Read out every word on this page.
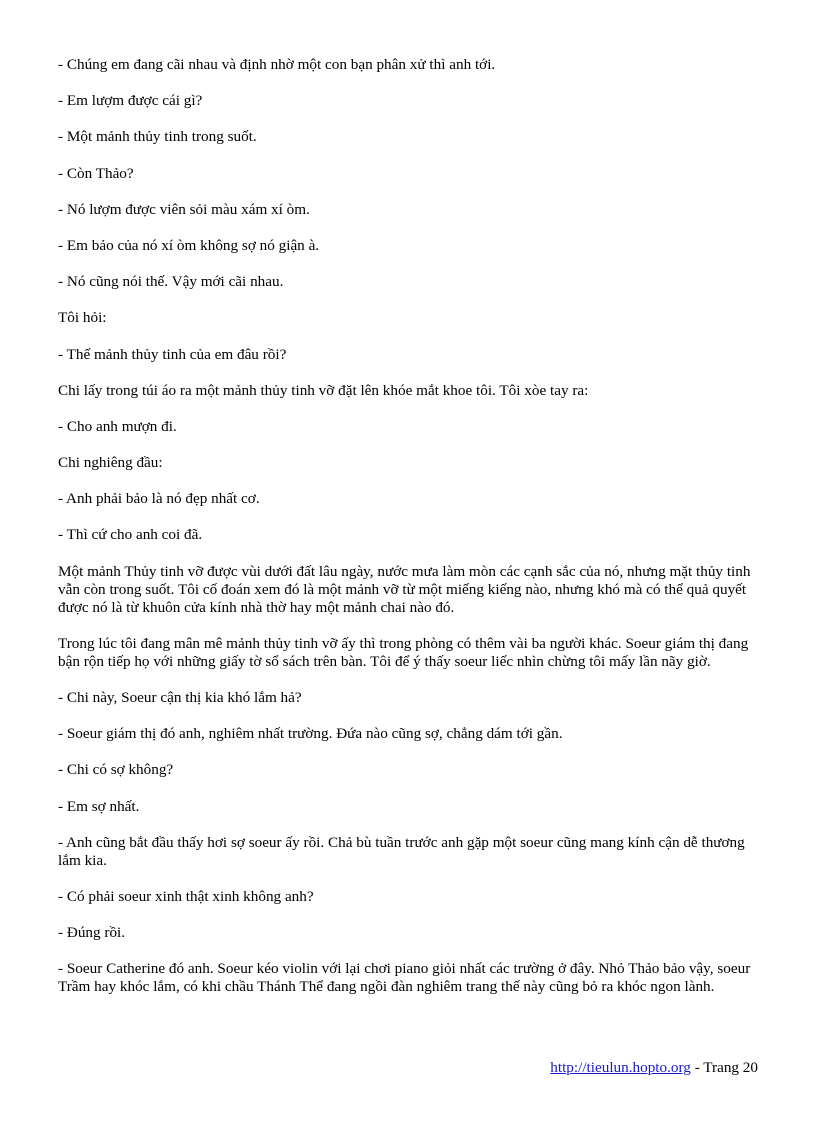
- Chúng em đang cãi nhau và định nhờ một con bạn phân xử thì anh tới.

- Em lượm được cái gì?

- Một mảnh thủy tinh trong suốt.

- Còn Thảo?

- Nó lượm được viên sỏi màu xám xí òm.

- Em bảo của nó xí òm không sợ nó giận à.

- Nó cũng nói thế. Vậy mới cãi nhau.

Tôi hỏi:

- Thế mảnh thủy tinh của em đâu rồi?

Chi lấy trong túi áo ra một mảnh thủy tinh vỡ đặt lên khóe mắt khoe tôi. Tôi xòe tay ra:

- Cho anh mượn đi.

Chi nghiêng đầu:

- Anh phải bảo là nó đẹp nhất cơ.

- Thì cứ cho anh coi đã.

Một mảnh Thủy tinh vỡ được vùi dưới đất lâu ngày, nước mưa làm mòn các cạnh sắc của nó, nhưng mặt thủy tinh vẫn còn trong suốt. Tôi cố đoán xem đó là một mảnh vỡ từ một miếng kiếng nào, nhưng khó mà có thể quả quyết được nó là từ khuôn cửa kính nhà thờ hay một mảnh chai nào đó.

Trong lúc tôi đang mân mê mảnh thủy tinh vỡ ấy thì trong phòng có thêm vài ba người khác. Soeur giám thị đang bận rộn tiếp họ với những giấy tờ sổ sách trên bàn. Tôi để ý thấy soeur liếc nhìn chừng tôi mấy lần nãy giờ.

- Chi này, Soeur cận thị kia khó lắm hả?

- Soeur giám thị đó anh, nghiêm nhất trường. Đứa nào cũng sợ, chẳng dám tới gần.

- Chi có sợ không?

- Em sợ nhất.

- Anh cũng bắt đầu thấy hơi sợ soeur ấy rồi. Chả bù tuần trước anh gặp một soeur cũng mang kính cận dễ thương lắm kia.

- Có phải soeur xinh thật xinh không anh?

- Đúng rồi.

- Soeur Catherine đó anh. Soeur kéo violin với lại chơi piano giỏi nhất các trường ở đây. Nhỏ Thảo bảo vậy, soeur Trầm hay khóc lắm, có khi chầu Thánh Thể đang ngồi đàn nghiêm trang thế này cũng bỏ ra khóc ngon lành.

http://tieulun.hopto.org - Trang 20
